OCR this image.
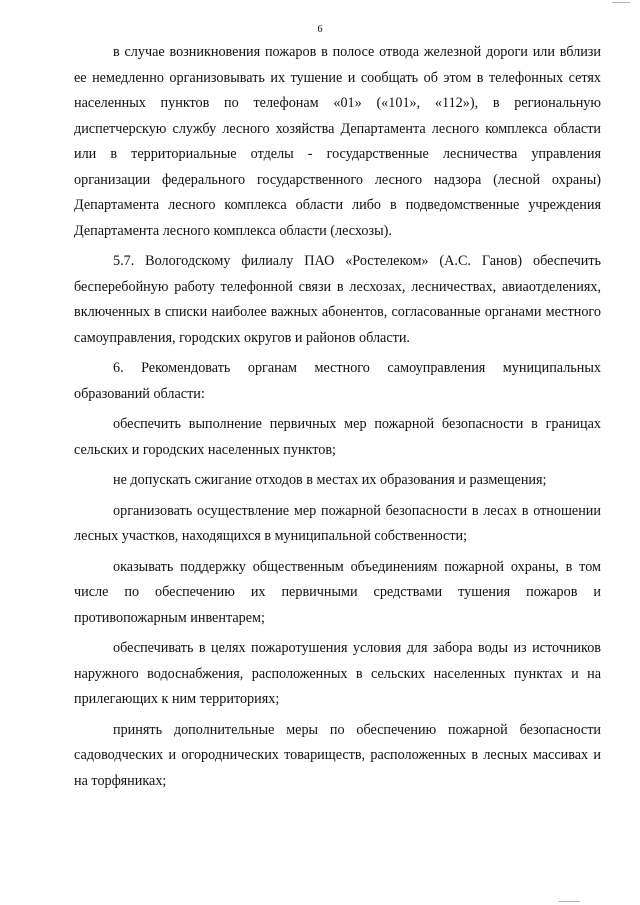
6

в случае возникновения пожаров в полосе отвода железной дороги или вблизи ее немедленно организовывать их тушение и сообщать об этом в телефонных сетях населенных пунктов по телефонам «01» («101», «112»), в региональную диспетчерскую службу лесного хозяйства Департамента лесного комплекса области или в территориальные отделы - государственные лесничества управления организации федерального государственного лесного надзора (лесной охраны) Департамента лесного комплекса области либо в подведомственные учреждения Департамента лесного комплекса области (лесхозы).

5.7. Вологодскому филиалу ПАО «Ростелеком» (А.С. Ганов) обеспечить бесперебойную работу телефонной связи в лесхозах, лесничествах, авиаотделениях, включенных в списки наиболее важных абонентов, согласованные органами местного самоуправления, городских округов и районов области.

6. Рекомендовать органам местного самоуправления муниципальных образований области:

обеспечить выполнение первичных мер пожарной безопасности в границах сельских и городских населенных пунктов;

не допускать сжигание отходов в местах их образования и размещения;

организовать осуществление мер пожарной безопасности в лесах в отношении лесных участков, находящихся в муниципальной собственности;

оказывать поддержку общественным объединениям пожарной охраны, в том числе по обеспечению их первичными средствами тушения пожаров и противопожарным инвентарем;

обеспечивать в целях пожаротушения условия для забора воды из источников наружного водоснабжения, расположенных в сельских населенных пунктах и на прилегающих к ним территориях;

принять дополнительные меры по обеспечению пожарной безопасности садоводческих и огороднических товариществ, расположенных в лесных массивах и на торфяниках;
